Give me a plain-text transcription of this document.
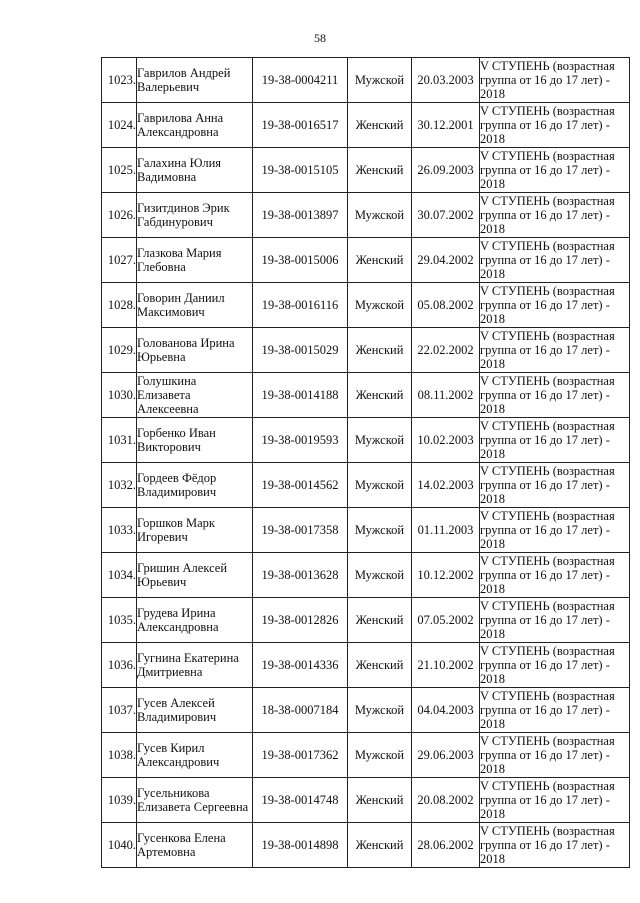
58
1023.	Гаврилов Андрей Валерьевич	19-38-0004211	Мужской	20.03.2003	V СТУПЕНЬ (возрастная группа от 16 до 17 лет) - 2018
1024.	Гаврилова Анна Александровна	19-38-0016517	Женский	30.12.2001	V СТУПЕНЬ (возрастная группа от 16 до 17 лет) - 2018
1025.	Галахина Юлия Вадимовна	19-38-0015105	Женский	26.09.2003	V СТУПЕНЬ (возрастная группа от 16 до 17 лет) - 2018
1026.	Гизитдинов Эрик Габдинурович	19-38-0013897	Мужской	30.07.2002	V СТУПЕНЬ (возрастная группа от 16 до 17 лет) - 2018
1027.	Глазкова Мария Глебовна	19-38-0015006	Женский	29.04.2002	V СТУПЕНЬ (возрастная группа от 16 до 17 лет) - 2018
1028.	Говорин Даниил Максимович	19-38-0016116	Мужской	05.08.2002	V СТУПЕНЬ (возрастная группа от 16 до 17 лет) - 2018
1029.	Голованова Ирина Юрьевна	19-38-0015029	Женский	22.02.2002	V СТУПЕНЬ (возрастная группа от 16 до 17 лет) - 2018
1030.	Голушкина Елизавета Алексеевна	19-38-0014188	Женский	08.11.2002	V СТУПЕНЬ (возрастная группа от 16 до 17 лет) - 2018
1031.	Горбенко Иван Викторович	19-38-0019593	Мужской	10.02.2003	V СТУПЕНЬ (возрастная группа от 16 до 17 лет) - 2018
1032.	Гордеев Фёдор Владимирович	19-38-0014562	Мужской	14.02.2003	V СТУПЕНЬ (возрастная группа от 16 до 17 лет) - 2018
1033.	Горшков Марк Игоревич	19-38-0017358	Мужской	01.11.2003	V СТУПЕНЬ (возрастная группа от 16 до 17 лет) - 2018
1034.	Гришин Алексей Юрьевич	19-38-0013628	Мужской	10.12.2002	V СТУПЕНЬ (возрастная группа от 16 до 17 лет) - 2018
1035.	Грудева Ирина Александровна	19-38-0012826	Женский	07.05.2002	V СТУПЕНЬ (возрастная группа от 16 до 17 лет) - 2018
1036.	Гугнина Екатерина Дмитриевна	19-38-0014336	Женский	21.10.2002	V СТУПЕНЬ (возрастная группа от 16 до 17 лет) - 2018
1037.	Гусев Алексей Владимирович	18-38-0007184	Мужской	04.04.2003	V СТУПЕНЬ (возрастная группа от 16 до 17 лет) - 2018
1038.	Гусев Кирил Александрович	19-38-0017362	Мужской	29.06.2003	V СТУПЕНЬ (возрастная группа от 16 до 17 лет) - 2018
1039.	Гусельникова Елизавета Сергеевна	19-38-0014748	Женский	20.08.2002	V СТУПЕНЬ (возрастная группа от 16 до 17 лет) - 2018
1040.	Гусенкова Елена Артемовна	19-38-0014898	Женский	28.06.2002	V СТУПЕНЬ (возрастная группа от 16 до 17 лет) - 2018
